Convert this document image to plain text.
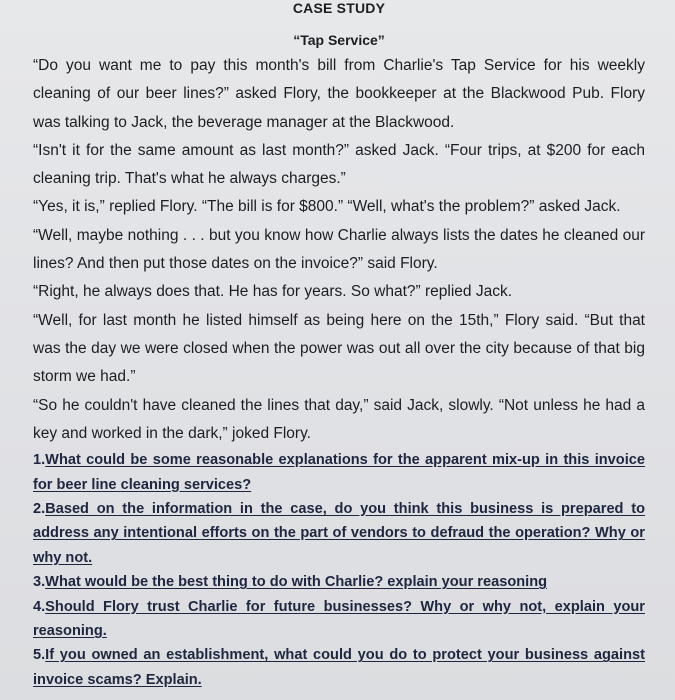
CASE STUDY
“Tap Service”

“Do you want me to pay this month's bill from Charlie's Tap Service for his weekly cleaning of our beer lines?” asked Flory, the bookkeeper at the Blackwood Pub. Flory was talking to Jack, the beverage manager at the Blackwood.

“Isn't it for the same amount as last month?” asked Jack. “Four trips, at $200 for each cleaning trip. That's what he always charges.”

“Yes, it is,” replied Flory. “The bill is for $800.” “Well, what's the problem?” asked Jack.

“Well, maybe nothing . . . but you know how Charlie always lists the dates he cleaned our lines? And then put those dates on the invoice?” said Flory.

“Right, he always does that. He has for years. So what?” replied Jack.

“Well, for last month he listed himself as being here on the 15th,” Flory said. “But that was the day we were closed when the power was out all over the city because of that big storm we had.”

“So he couldn't have cleaned the lines that day,” said Jack, slowly. “Not unless he had a key and worked in the dark,” joked Flory.

1.What could be some reasonable explanations for the apparent mix-up in this invoice for beer line cleaning services?

2.Based on the information in the case, do you think this business is prepared to address any intentional efforts on the part of vendors to defraud the operation? Why or why not.

3.What would be the best thing to do with Charlie? explain your reasoning

4.Should Flory trust Charlie for future businesses? Why or why not, explain your reasoning.

5.If you owned an establishment, what could you do to protect your business against invoice scams? Explain.
